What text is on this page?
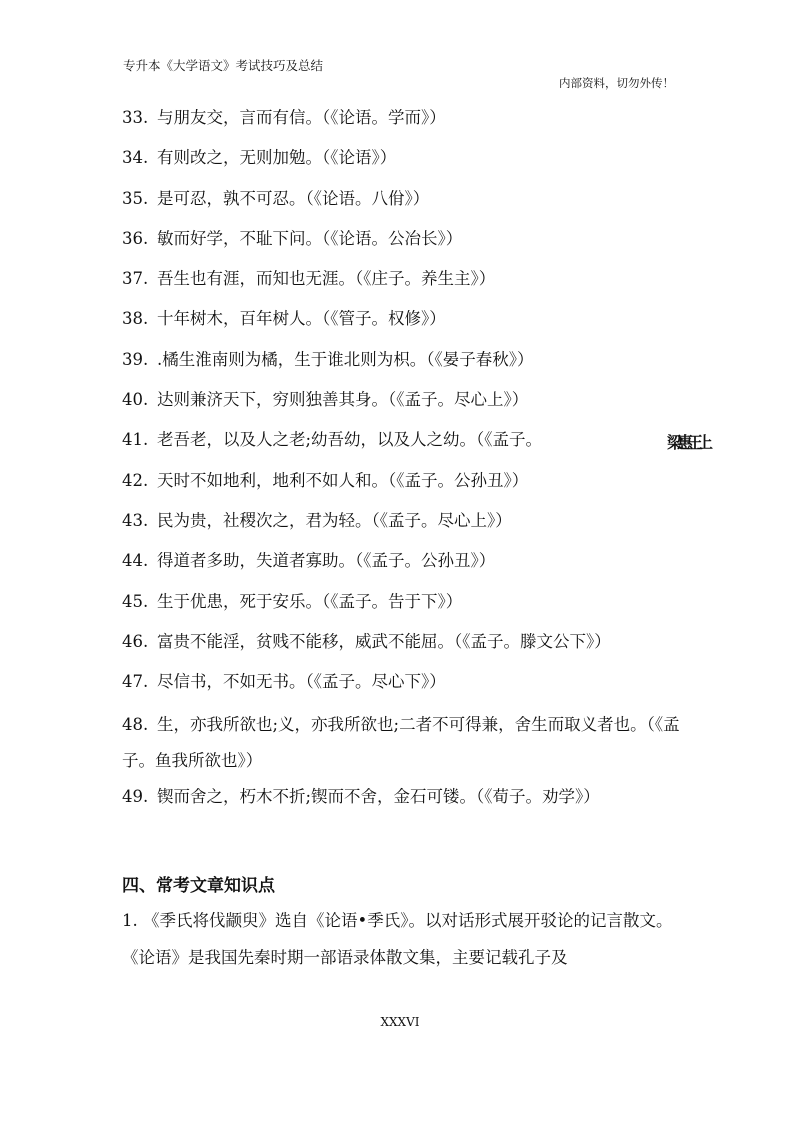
专升本《大学语文》考试技巧及总结
内部资料，切勿外传！
33. 与朋友交，言而有信。（《论语。学而》）
34. 有则改之，无则加勉。（《论语》）
35. 是可忍，孰不可忍。（《论语。八佾》）
36. 敏而好学，不耻下问。（《论语。公冶长》）
37. 吾生也有涯，而知也无涯。（《庄子。养生主》）
38. 十年树木，百年树人。（《管子。权修》）
39. .橘生淮南则为橘，生于谁北则为枳。（《晏子春秋》）
40. 达则兼济天下，穷则独善其身。（《孟子。尽心上》）
41. 老吾老，以及人之老;幼吾幼，以及人之幼。（《孟子。	梁惠王上
42. 天时不如地利，地利不如人和。（《孟子。公孙丑》）
43. 民为贵，社稷次之，君为轻。（《孟子。尽心上》）
44. 得道者多助，失道者寡助。（《孟子。公孙丑》）
45. 生于优患，死于安乐。（《孟子。告于下》）
46. 富贵不能淫，贫贱不能移，威武不能屈。（《孟子。滕文公下》）
47. 尽信书，不如无书。（《孟子。尽心下》）
48. 生，亦我所欲也;义，亦我所欲也;二者不可得兼，舍生而取义者也。（《孟子。鱼我所欲也》）
49. 锲而舍之，朽木不折;锲而不舍，金石可镂。（《荀子。劝学》）
四、常考文章知识点
1. 《季氏将伐颛臾》选自《论语•季氏》。以对话形式展开驳论的记言散文。《论语》是我国先秦时期一部语录体散文集，主要记载孔子及
XXXVI
